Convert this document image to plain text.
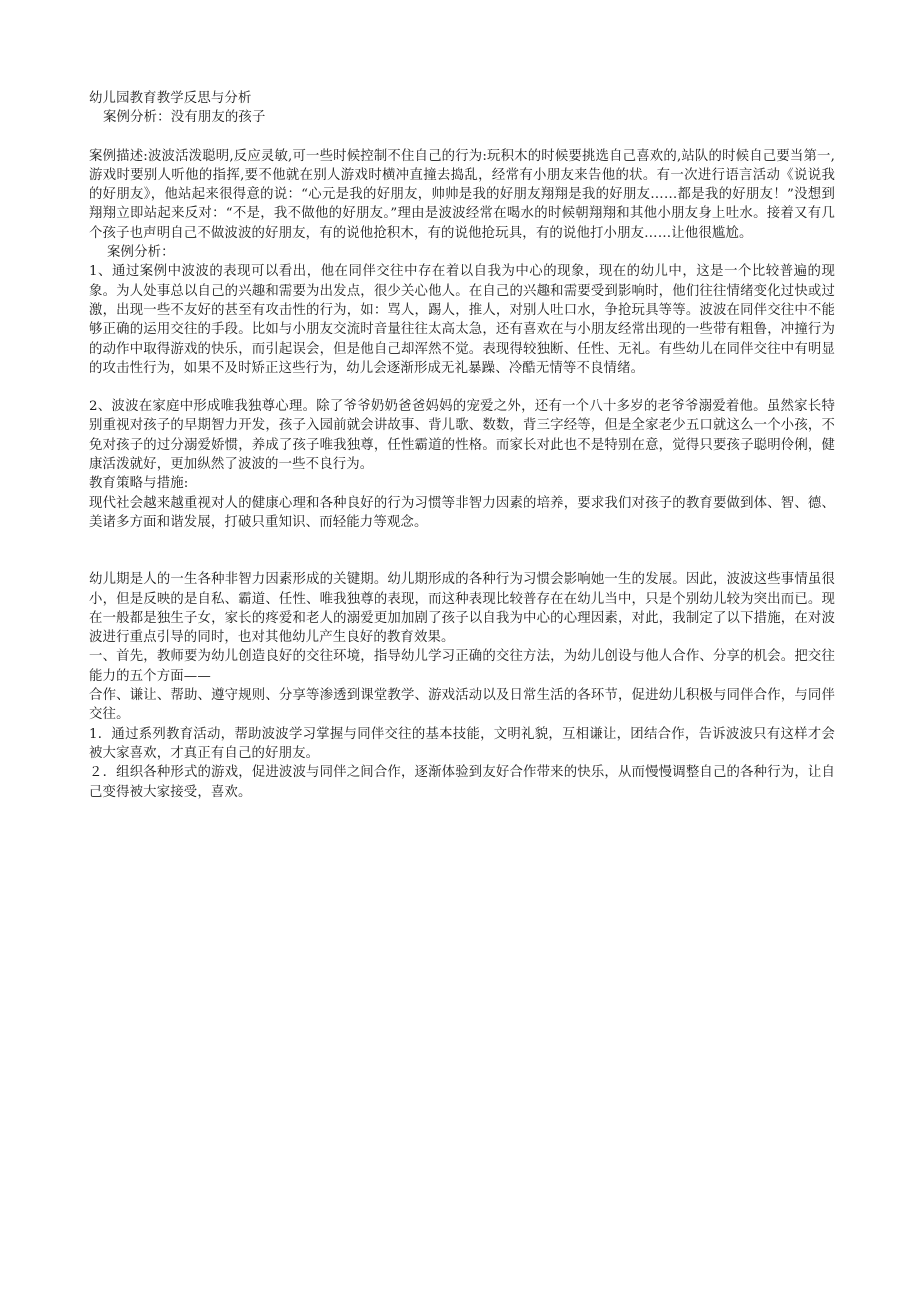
幼儿园教育教学反思与分析

案例分析：没有朋友的孩子

案例描述:波波活泼聪明,反应灵敏,可一些时候控制不住自己的行为:玩积木的时候要挑选自己喜欢的,站队的时候自己要当第一,游戏时要别人听他的指挥,要不他就在别人游戏时横冲直撞去捣乱，经常有小朋友来告他的状。有一次进行语言活动《说说我的好朋友》，他站起来很得意的说：“心元是我的好朋友，帅帅是我的好朋友翔翔是我的好朋友……都是我的好朋友！”没想到翔翔立即站起来反对：“不是，我不做他的好朋友。”理由是波波经常在喝水的时候朝翔翔和其他小朋友身上吐水。接着又有几个孩子也声明自己不做波波的好朋友，有的说他抢积木，有的说他抢玩具，有的说他打小朋友……让他很尴尬。

案例分析：

1、通过案例中波波的表现可以看出，他在同伴交往中存在着以自我为中心的现象，现在的幼儿中，这是一个比较普遍的现象。为人处事总以自己的兴趣和需要为出发点，很少关心他人。在自己的兴趣和需要受到影响时，他们往往情绪变化过快或过激，出现一些不友好的甚至有攻击性的行为，如：骂人，踢人，推人，对别人吐口水，争抢玩具等等。波波在同伴交往中不能够正确的运用交往的手段。比如与小朋友交流时音量往往太高太急，还有喜欢在与小朋友经常出现的一些带有粗鲁，冲撞行为的动作中取得游戏的快乐，而引起误会，但是他自己却浑然不觉。表现得较独断、任性、无礼。有些幼儿在同伴交往中有明显的攻击性行为，如果不及时矫正这些行为，幼儿会逐渐形成无礼暴躁、冷酷无情等不良情绪。

2、波波在家庭中形成唯我独尊心理。除了爷爷奶奶爸爸妈妈的宠爱之外，还有一个八十多岁的老爷爷溺爱着他。虽然家长特别重视对孩子的早期智力开发，孩子入园前就会讲故事、背儿歌、数数，背三字经等，但是全家老少五口就这么一个小孩，不免对孩子的过分溺爱娇惯，养成了孩子唯我独尊，任性霸道的性格。而家长对此也不是特别在意，觉得只要孩子聪明伶俐，健康活泼就好，更加纵然了波波的一些不良行为。

教育策略与措施:

现代社会越来越重视对人的健康心理和各种良好的行为习惯等非智力因素的培养，要求我们对孩子的教育要做到体、智、德、美诸多方面和谐发展，打破只重知识、而轻能力等观念。

幼儿期是人的一生各种非智力因素形成的关键期。幼儿期形成的各种行为习惯会影响她一生的发展。因此，波波这些事情虽很小，但是反映的是自私、霸道、任性、唯我独尊的表现，而这种表现比较普存在在幼儿当中，只是个别幼儿较为突出而已。现在一般都是独生子女，家长的疼爱和老人的溺爱更加加剧了孩子以自我为中心的心理因素，对此，我制定了以下措施，在对波波进行重点引导的同时，也对其他幼儿产生良好的教育效果。

一、首先，教师要为幼儿创造良好的交往环境，指导幼儿学习正确的交往方法，为幼儿创设与他人合作、分享的机会。把交往能力的五个方面——

合作、谦让、帮助、遵守规则、分享等渗透到课堂教学、游戏活动以及日常生活的各环节，促进幼儿积极与同伴合作，与同伴交往。

1．通过系列教育活动，帮助波波学习掌握与同伴交往的基本技能，文明礼貌，互相谦让，团结合作，告诉波波只有这样才会被大家喜欢，才真正有自己的好朋友。

２．组织各种形式的游戏，促进波波与同伴之间合作，逐渐体验到友好合作带来的快乐，从而慢慢调整自己的各种行为，让自己变得被大家接受，喜欢。
